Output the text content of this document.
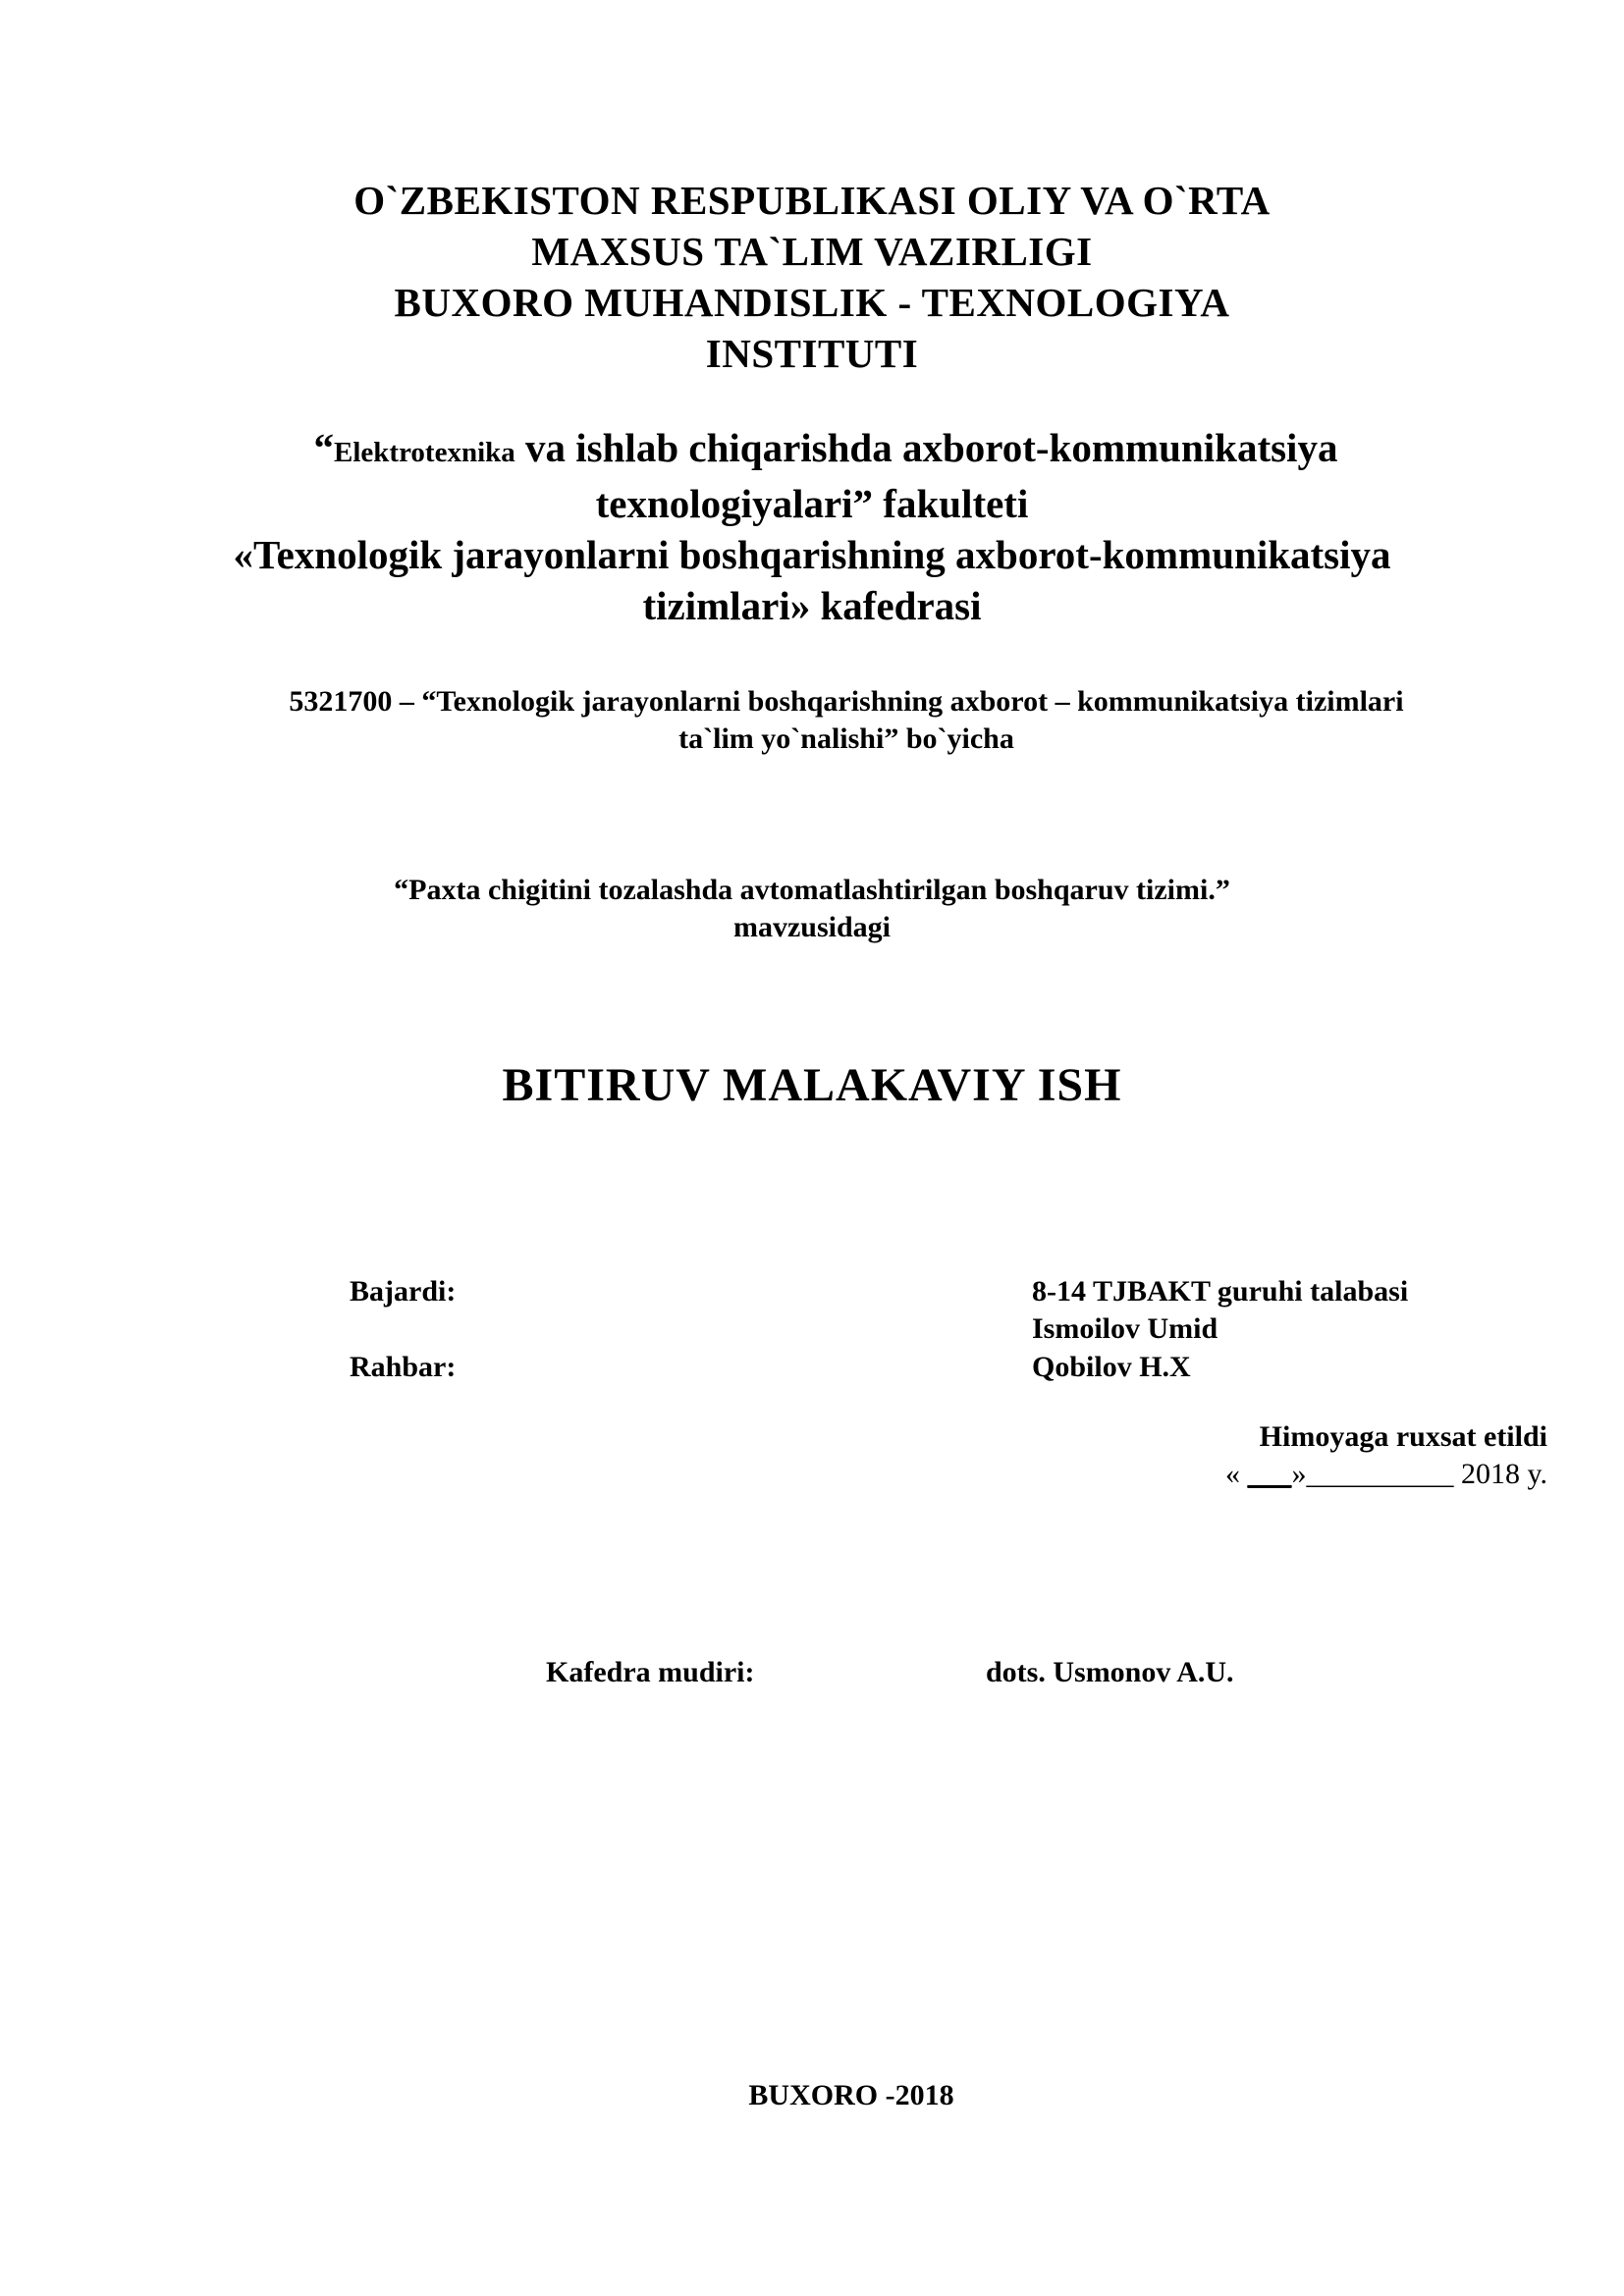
O`ZBEKISTON RESPUBLIKASI OLIY VA O`RTA
MAXSUS TA`LIM VAZIRLIGI
BUXORO MUHANDISLIK - TEXNOLOGIYA
INSTITUTI
“Elektrotexnika va ishlab chiqarishda axborot-kommunikatsiya
texnologiyalari” fakulteti
«Texnologik jarayonlarni boshqarishning axborot-kommunikatsiya
tizimlari» kafedrasi
5321700 – “Texnologik jarayonlarni boshqarishning axborot – kommunikatsiya tizimlari
ta`lim yo`nalishi” bo`yicha
“Paxta chigitini tozalashda avtomatlashtirilgan boshqaruv tizimi.”
mavzusidagi
BITIRUV MALAKAVIY ISH
Bajardi:	8-14 TJBAKT guruhi talabasi
Ismoilov Umid
Rahbar:	Qobilov H.X
Himoyaga ruxsat etildi
« ___»__________ 2018 y.
Kafedra mudiri:	dots. Usmonov A.U.
BUXORO -2018
